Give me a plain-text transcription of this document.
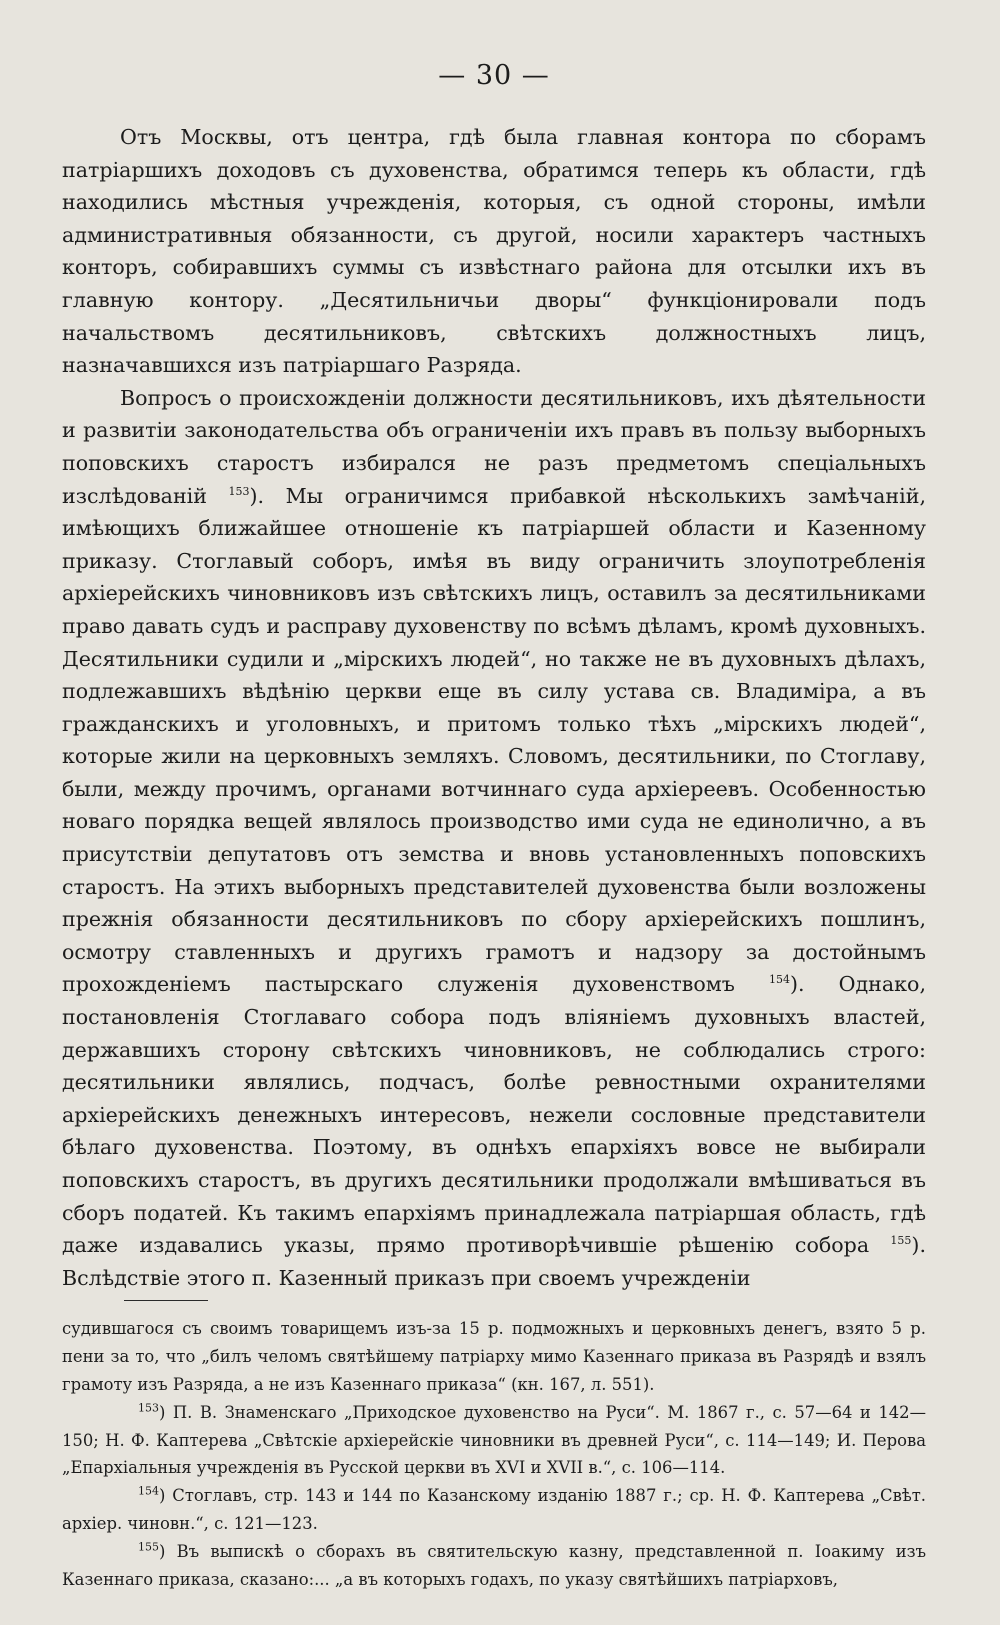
— 30 —

Отъ Москвы, отъ центра, гдѣ была главная контора по сборамъ патріаршихъ доходовъ съ духовенства, обратимся теперь къ области, гдѣ находились мѣстныя учрежденія, которыя, съ одной стороны, имѣли административныя обязанности, съ другой, носили характеръ частныхъ конторъ, собиравшихъ суммы съ извѣстнаго района для отсылки ихъ въ главную контору. „Десятильничьи дворы“ функціонировали подъ начальствомъ десятильниковъ, свѣтскихъ должностныхъ лицъ, назначавшихся изъ патріаршаго Разряда.

Вопросъ о происхожденіи должности десятильниковъ, ихъ дѣятельности и развитіи законодательства объ ограниченіи ихъ правъ въ пользу выборныхъ поповскихъ старостъ избирался не разъ предметомъ спеціальныхъ изслѣдованій $^{153}$). Мы ограничимся прибавкой нѣсколькихъ замѣчаній, имѣющихъ ближайшее отношеніе къ патріаршей области и Казенному приказу. Стоглавый соборъ, имѣя въ виду ограничить злоупотребленія архіерейскихъ чиновниковъ изъ свѣтскихъ лицъ, оставилъ за десятильниками право давать судъ и расправу духовенству по всѣмъ дѣламъ, кромѣ духовныхъ. Десятильники судили и „мірскихъ людей“, но также не въ духовныхъ дѣлахъ, подлежавшихъ вѣдѣнію церкви еще въ силу устава св. Владиміра, а въ гражданскихъ и уголовныхъ, и притомъ только тѣхъ „мірскихъ людей“, которые жили на церковныхъ земляхъ. Словомъ, десятильники, по Стоглаву, были, между прочимъ, органами вотчиннаго суда архіереевъ. Особенностью новаго порядка вещей являлось производство ими суда не единолично, а въ присутствіи депутатовъ отъ земства и вновь установленныхъ поповскихъ старостъ. На этихъ выборныхъ представителей духовенства были возложены прежнія обязанности десятильниковъ по сбору архіерейскихъ пошлинъ, осмотру ставленныхъ и другихъ грамотъ и надзору за достойнымъ прохожденіемъ пастырскаго служенія духовенствомъ $^{154}$). Однако, постановленія Стоглаваго собора подъ вліяніемъ духовныхъ властей, державшихъ сторону свѣтскихъ чиновниковъ, не соблюдались строго: десятильники являлись, подчасъ, болѣе ревностными охранителями архіерейскихъ денежныхъ интересовъ, нежели сословные представители бѣлаго духовенства. Поэтому, въ однѣхъ епархіяхъ вовсе не выбирали поповскихъ старостъ, въ другихъ десятильники продолжали вмѣшиваться въ сборъ податей. Къ такимъ епархіямъ принадлежала патріаршая область, гдѣ даже издавались указы, прямо противорѣчившіе рѣшенію собора $^{155}$). Вслѣдствіе этого п. Казенный приказъ при своемъ учрежденіи

судившагося съ своимъ товарищемъ изъ-за 15 р. подможныхъ и церковныхъ денегъ, взято 5 р. пени за то, что „билъ челомъ святѣйшему патріарху мимо Казеннаго приказа въ Разрядѣ и взялъ грамоту изъ Разряда, а не изъ Казеннаго приказа“ (кн. 167, л. 551).

$^{153}$) П. В. Знаменскаго „Приходское духовенство на Руси“. М. 1867 г., с. 57—64 и 142—150; Н. Ф. Каптерева „Свѣтскіе архіерейскіе чиновники въ древней Руси“, с. 114—149; И. Перова „Епархіальныя учрежденія въ Русской церкви въ XVI и XVII в.“, с. 106—114.

$^{154}$) Стоглавъ, стр. 143 и 144 по Казанскому изданію 1887 г.; ср. Н. Ф. Каптерева „Свѣт. архіер. чиновн.“, с. 121—123.

$^{155}$) Въ выпискѣ о сборахъ въ святительскую казну, представленной п. Іоакиму изъ Казеннаго приказа, сказано:... „а въ которыхъ годахъ, по указу святѣйшихъ патріарховъ,
